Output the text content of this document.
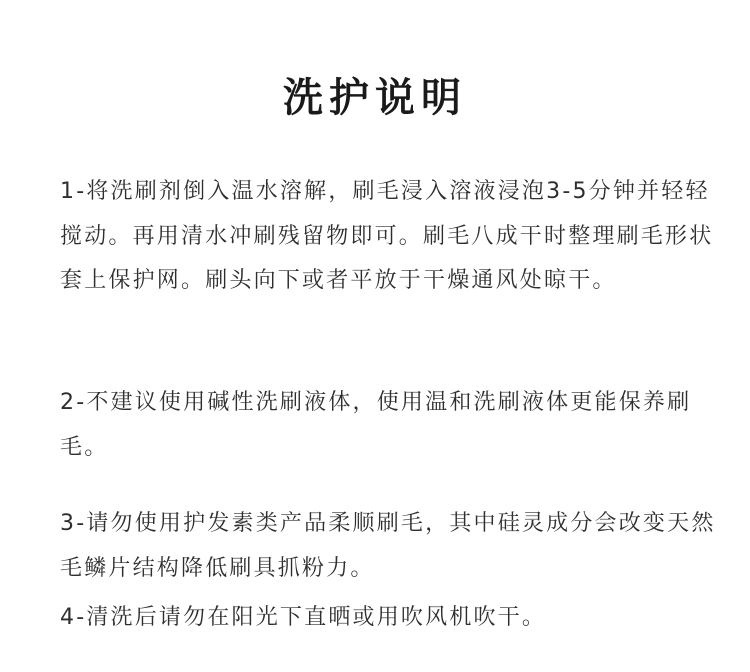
洗护说明
1-将洗刷剂倒入温水溶解，刷毛浸入溶液浸泡3-5分钟并轻轻搅动。再用清水冲刷残留物即可。刷毛八成干时整理刷毛形状套上保护网。刷头向下或者平放于干燥通风处晾干。
2-不建议使用碱性洗刷液体，使用温和洗刷液体更能保养刷毛。
3-请勿使用护发素类产品柔顺刷毛，其中硅灵成分会改变天然毛鳞片结构降低刷具抓粉力。
4-清洗后请勿在阳光下直晒或用吹风机吹干。
